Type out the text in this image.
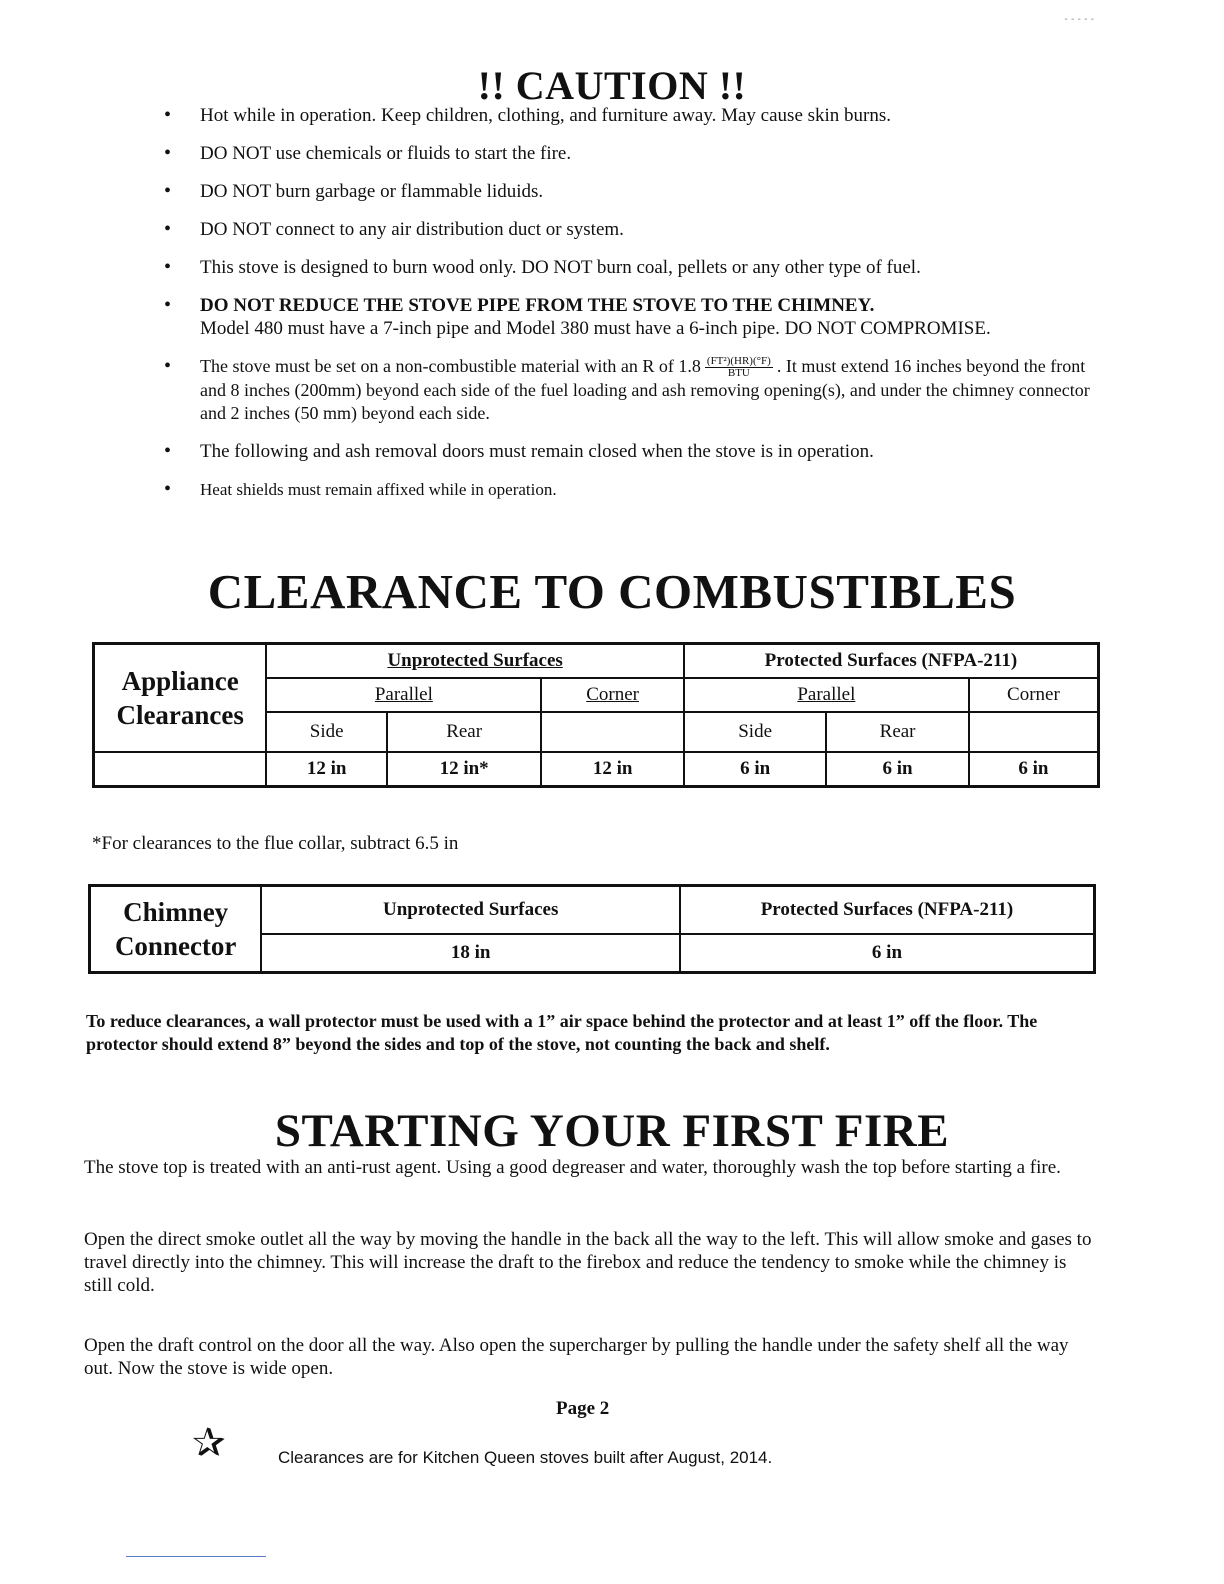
- - - - -
!! CAUTION !!
• Hot while in operation. Keep children, clothing, and furniture away. May cause skin burns.
• DO NOT use chemicals or fluids to start the fire.
• DO NOT burn garbage or flammable liduids.
• DO NOT connect to any air distribution duct or system.
• This stove is designed to burn wood only. DO NOT burn coal, pellets or any other type of fuel.
• DO NOT REDUCE THE STOVE PIPE FROM THE STOVE TO THE CHIMNEY.
Model 480 must have a 7-inch pipe and Model 380 must have a 6-inch pipe. DO NOT COMPROMISE.
• The stove must be set on a non-combustible material with an R of $1.8 \frac{\text{(FT²)(HR)(°F)}}{\text{BTU}}$ . It must extend 16 inches beyond the front and 8 inches (200mm) beyond each side of the fuel loading and ash removing opening(s), and under the chimney connector and 2 inches (50 mm) beyond each side.
• The following and ash removal doors must remain closed when the stove is in operation.
• Heat shields must remain affixed while in operation.
CLEARANCE TO COMBUSTIBLES
Appliance Clearances	Unprotected Surfaces			Protected Surfaces (NFPA-211)		
	Parallel		Corner	Parallel		Corner
	Side	Rear		Side	Rear	
	12 in	12 in*	12 in	6 in	6 in	6 in
*For clearances to the flue collar, subtract 6.5 in
Chimney Connector	Unprotected Surfaces	Protected Surfaces (NFPA-211)
	18 in	6 in
To reduce clearances, a wall protector must be used with a 1” air space behind the protector and at least 1” off the floor. The protector should extend 8” beyond the sides and top of the stove, not counting the back and shelf.
STARTING YOUR FIRST FIRE
The stove top is treated with an anti-rust agent. Using a good degreaser and water, thoroughly wash the top before starting a fire.
Open the direct smoke outlet all the way by moving the handle in the back all the way to the left. This will allow smoke and gases to travel directly into the chimney. This will increase the draft to the firebox and reduce the tendency to smoke while the chimney is still cold.
Open the draft control on the door all the way. Also open the supercharger by pulling the handle under the safety shelf all the way out. Now the stove is wide open.
Page 2
✰	Clearances are for Kitchen Queen stoves built after August, 2014.
